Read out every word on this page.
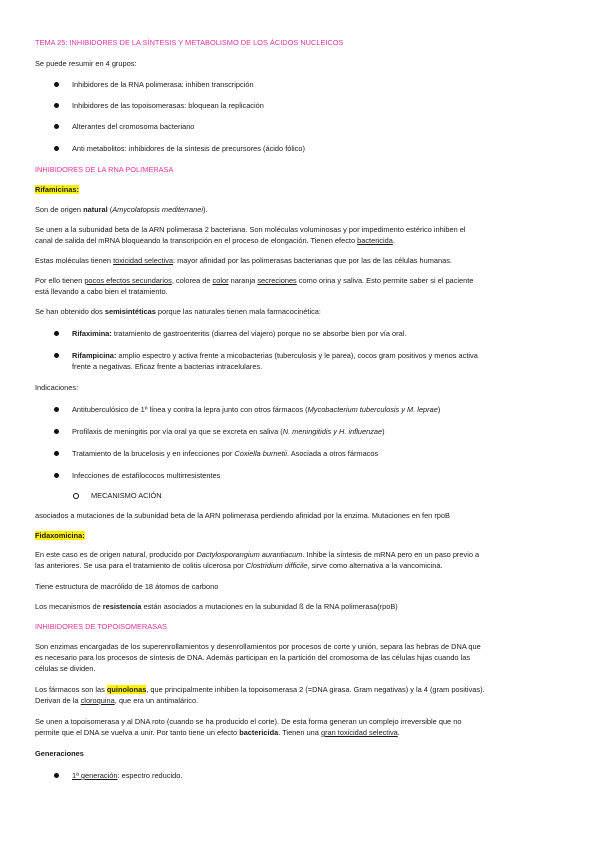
TEMA 25: INHIBIDORES DE LA SÍNTESIS Y METABOLISMO DE LOS ÁCIDOS NUCLEICOS
Se puede resumir en 4 grupos:
Inhibidores de la RNA polimerasa: inhiben transcripción
Inhibidores de las topoisomerasas: bloquean la replicación
Alterantes del cromosoma bacteriano
Anti metabolitos: inhibidores de la síntesis de precursores (ácido fólico)
INHIBIDORES DE LA RNA POLIMERASA
Rifamicinas:
Son de origen natural (Amycolatopsis mediterranei).
Se unen a la subunidad beta de la ARN polimerasa 2 bacteriana. Son moléculas voluminosas y por impedimento estérico inhiben el
canal de salida del mRNA bloqueando la transcripción en el proceso de elongación. Tienen efecto bactericida.
Estas moléculas tienen toxicidad selectiva: mayor afinidad por las polimerasas bacterianas que por las de las células humanas.
Por ello tienen pocos efectos secundarios, colorea de color naranja secreciones como orina y saliva. Esto permite saber si el paciente
está llevando a cabo bien el tratamiento.
Se han obtenido dos semisintéticas porque las naturales tienen mala farmacocinética:
Rifaximina: tratamiento de gastroenteritis (diarrea del viajero) porque no se absorbe bien por vía oral.
Rifampicina: amplio espectro y activa frente a micobacterias (tuberculosis y le parea), cocos gram positivos y menos activa
frente a negativas. Eficaz frente a bacterias intracelulares.
Indicaciones:
Antituberculósico de 1º línea y contra la lepra junto con otros fármacos (Mycobacterium tuberculosis y M. leprae)
Profilaxis de meningitis por vía oral ya que se excreta en saliva (N. meningitidis y H. influenzae)
Tratamiento de la brucelosis y en infecciones por Coxiella burnetii. Asociada a otros fármacos
Infecciones de estafilococos multirresistentes
MECANISMO ACIÓN
asociados a mutaciones de la subunidad beta de la ARN polimerasa perdiendo afinidad por la enzima. Mutaciones en fen rpoB
Fidaxomicina:
En este caso es de origen natural, producido por Dactylosporangium aurantiacum. Inhibe la síntesis de mRNA pero en un paso previo a
las anteriores. Se usa para el tratamiento de colitis ulcerosa por Clostridium difficile, sirve como alternativa a la vancomicina.
Tiene estructura de macrólido de 18 átomos de carbono
Los mecanismos de resistencia están asociados a mutaciones en la subunidad ß de la RNA polimerasa(rpoB)
INHIBIDORES DE TOPOISOMERASAS
Son enzimas encargadas de los superenrollamientos y desenrollamientos por procesos de corte y unión, separa las hebras de DNA que
es necesario para los procesos de síntesis de DNA. Además participan en la partición del cromosoma de las células hijas cuando las
células se dividen.
Los fármacos son las quinolonas, que principalmente inhiben la topoisomerasa 2 (=DNA girasa. Gram negativas) y la 4 (gram positivas).
Derivan de la cloroquina, que era un antimalárico.
Se unen a topoisomerasa y al DNA roto (cuando se ha producido el corte). De esta forma generan un complejo irreversible que no
permite que el DNA se vuelva a unir. Por tanto tiene un efecto bactericida. Tienen una gran toxicidad selectiva.
Generaciones
1ª generación: espectro reducido.
